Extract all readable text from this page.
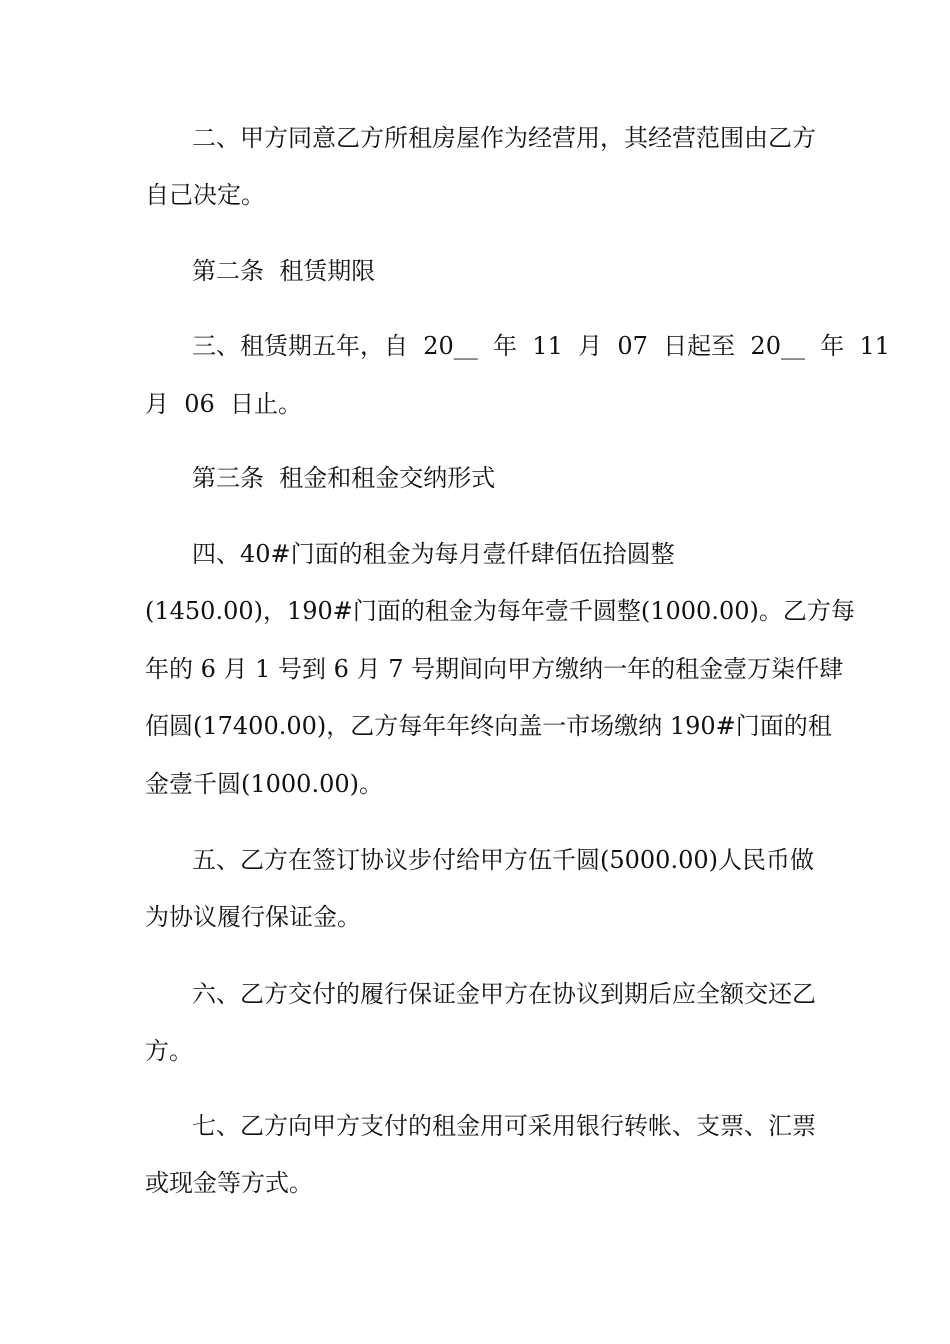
二、甲方同意乙方所租房屋作为经营用，其经营范围由乙方
自己决定。
第二条  租赁期限
三、租赁期五年，自  20__  年  11  月  07  日起至  20__  年  11
月  06  日止。
第三条  租金和租金交纳形式
四、40#门面的租金为每月壹仟肆佰伍拾圆整
(1450.00)，190#门面的租金为每年壹千圆整(1000.00)。乙方每
年的 6 月 1 号到 6 月 7 号期间向甲方缴纳一年的租金壹万柒仟肆
佰圆(17400.00)，乙方每年年终向盖一市场缴纳 190#门面的租
金壹千圆(1000.00)。
五、乙方在签订协议步付给甲方伍千圆(5000.00)人民币做
为协议履行保证金。
六、乙方交付的履行保证金甲方在协议到期后应全额交还乙
方。
七、乙方向甲方支付的租金用可采用银行转帐、支票、汇票
或现金等方式。
